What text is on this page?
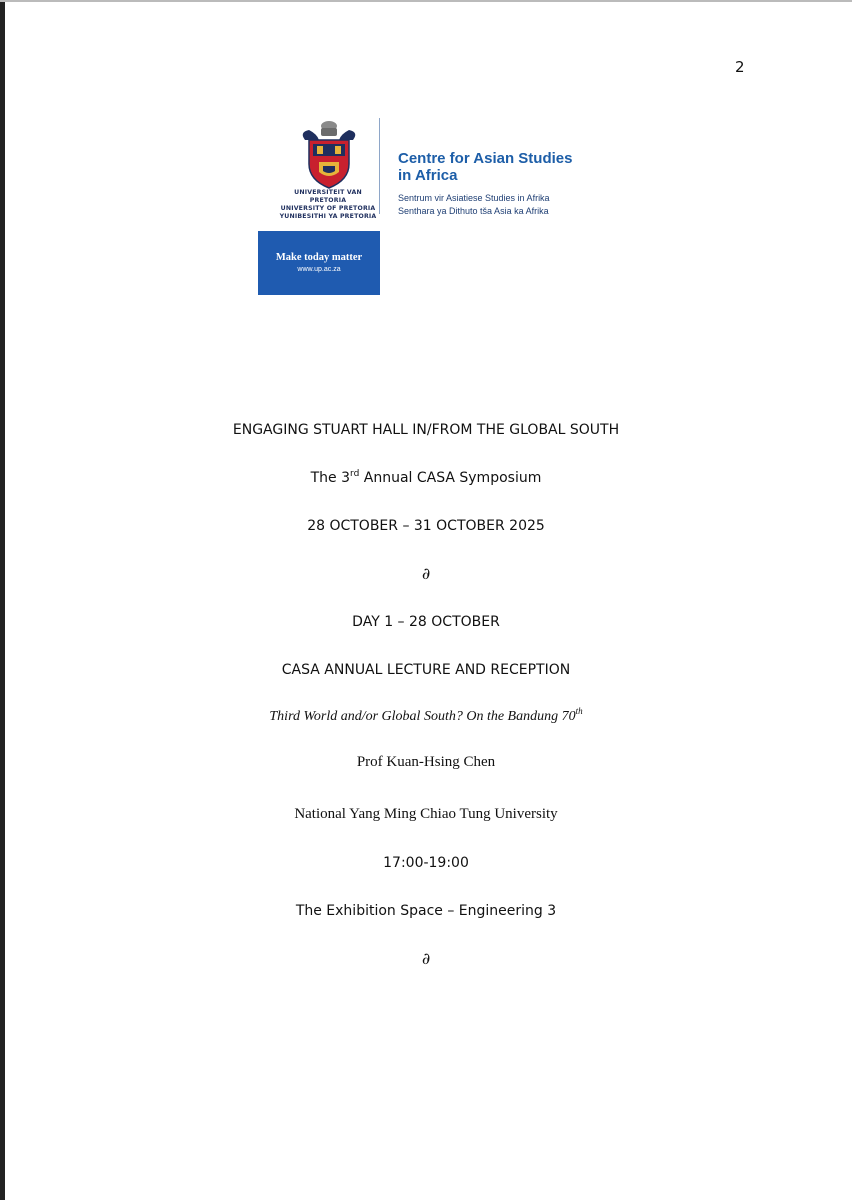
2
UNIVERSITEIT VAN PRETORIA
UNIVERSITY OF PRETORIA
YUNIBESITHI YA PRETORIA
Centre for Asian Studies
in Africa
Sentrum vir Asiatiese Studies in Afrika
Senthara ya Dithuto tša Asia ka Afrika
Make today matter
www.up.ac.za
ENGAGING STUART HALL IN/FROM THE GLOBAL SOUTH
The 3rd Annual CASA Symposium
28 OCTOBER – 31 OCTOBER 2025
∂
DAY 1 – 28 OCTOBER
CASA ANNUAL LECTURE AND RECEPTION
Third World and/or Global South? On the Bandung 70th
Prof Kuan-Hsing Chen
National Yang Ming Chiao Tung University
17:00-19:00
The Exhibition Space – Engineering 3
∂
